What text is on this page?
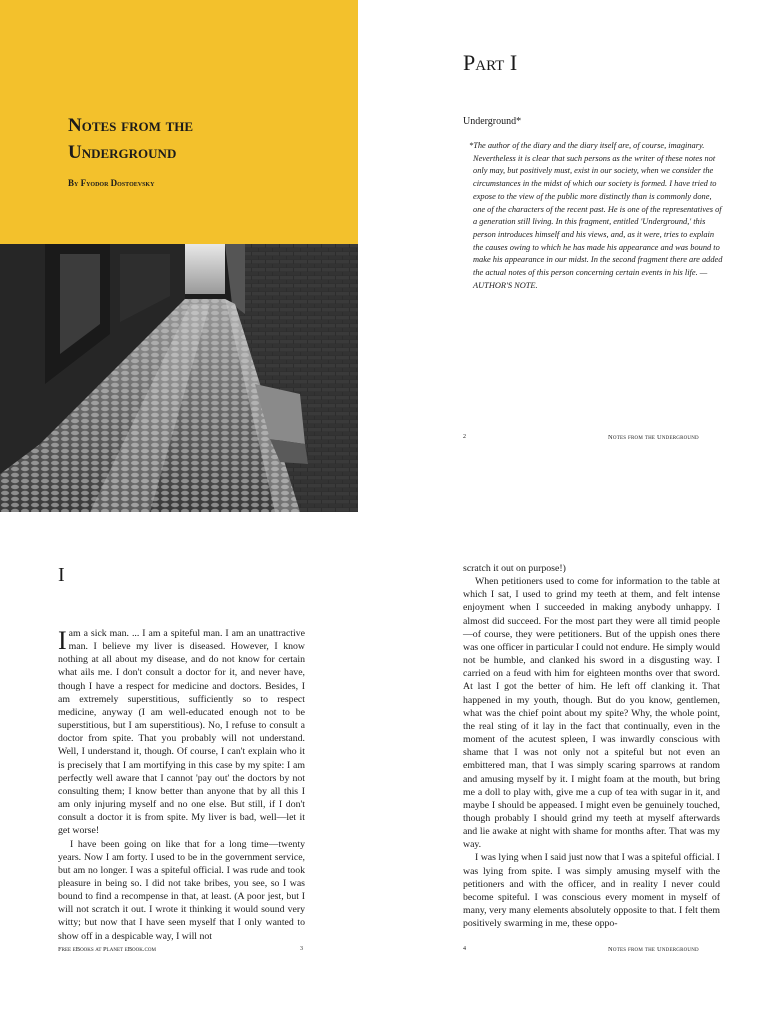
Notes from the
Underground
By Fyodor Dostoevsky
Part I
Underground*
*The author of the diary and the diary itself are, of course, imaginary. Nevertheless it is clear that such persons as the writer of these notes not only may, but positively must, exist in our society, when we consider the circumstances in the midst of which our society is formed. I have tried to expose to the view of the public more distinctly than is commonly done, one of the characters of the recent past. He is one of the representatives of a generation still living. In this fragment, entitled 'Underground,' this person introduces himself and his views, and, as it were, tries to explain the causes owing to which he has made his appearance and was bound to make his appearance in our midst. In the second fragment there are added the actual notes of this person concerning certain events in his life. —AUTHOR'S NOTE.
2	Notes from the Underground
I

Iam a sick man. ... I am a spiteful man. I am an unattractive man. I believe my liver is diseased. However, I know nothing at all about my disease, and do not know for certain what ails me. I don't consult a doctor for it, and never have, though I have a respect for medicine and doctors. Besides, I am extremely superstitious, sufficiently so to respect medicine, anyway (I am well-educated enough not to be superstitious, but I am superstitious). No, I refuse to consult a doctor from spite. That you probably will not understand. Well, I understand it, though. Of course, I can't explain who it is precisely that I am mortifying in this case by my spite: I am perfectly well aware that I cannot 'pay out' the doctors by not consulting them; I know better than anyone that by all this I am only injuring myself and no one else. But still, if I don't consult a doctor it is from spite. My liver is bad, well—let it get worse!

I have been going on like that for a long time—twenty years. Now I am forty. I used to be in the government service, but am no longer. I was a spiteful official. I was rude and took pleasure in being so. I did not take bribes, you see, so I was bound to find a recompense in that, at least. (A poor jest, but I will not scratch it out. I wrote it thinking it would sound very witty; but now that I have seen myself that I only wanted to show off in a despicable way, I will not

Free eBooks at Planet eBook.com	3

scratch it out on purpose!)

When petitioners used to come for information to the table at which I sat, I used to grind my teeth at them, and felt intense enjoyment when I succeeded in making anybody unhappy. I almost did succeed. For the most part they were all timid people—of course, they were petitioners. But of the uppish ones there was one officer in particular I could not endure. He simply would not be humble, and clanked his sword in a disgusting way. I carried on a feud with him for eighteen months over that sword. At last I got the better of him. He left off clanking it. That happened in my youth, though. But do you know, gentlemen, what was the chief point about my spite? Why, the whole point, the real sting of it lay in the fact that continually, even in the moment of the acutest spleen, I was inwardly conscious with shame that I was not only not a spiteful but not even an embittered man, that I was simply scaring sparrows at random and amusing myself by it. I might foam at the mouth, but bring me a doll to play with, give me a cup of tea with sugar in it, and maybe I should be appeased. I might even be genuinely touched, though probably I should grind my teeth at myself afterwards and lie awake at night with shame for months after. That was my way.

I was lying when I said just now that I was a spiteful official. I was lying from spite. I was simply amusing myself with the petitioners and with the officer, and in reality I never could become spiteful. I was conscious every moment in myself of many, very many elements absolutely opposite to that. I felt them positively swarming in me, these oppo-

4	Notes from the Underground
